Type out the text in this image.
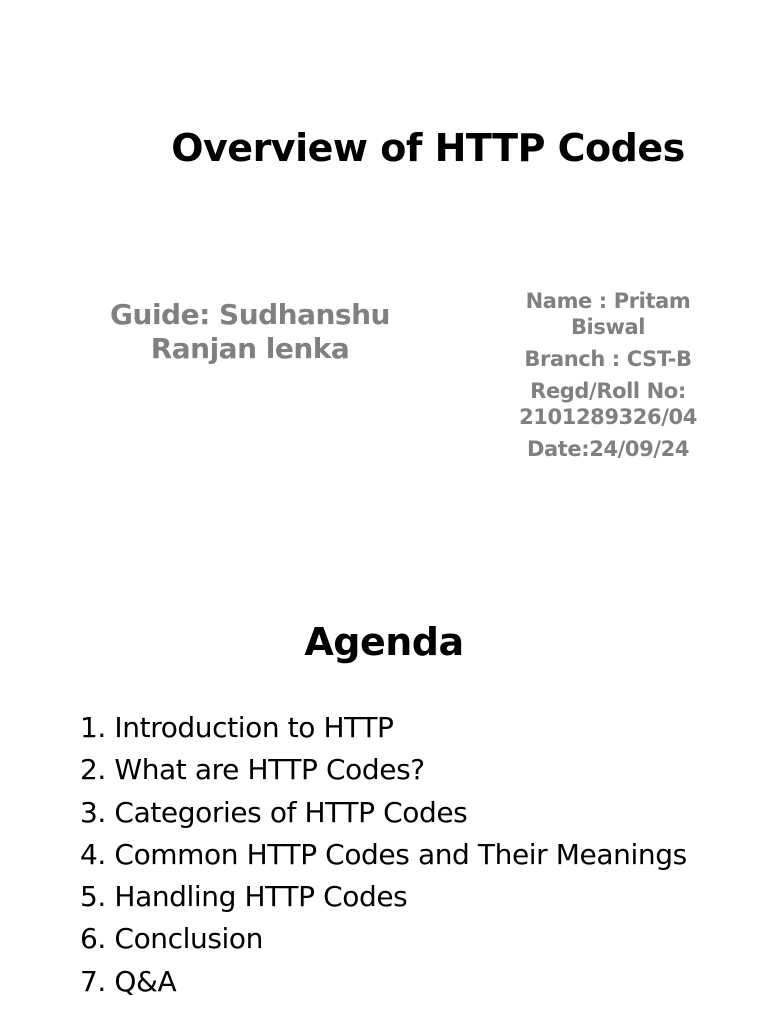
Overview of HTTP Codes
Guide: Sudhanshu Ranjan lenka
Name : Pritam Biswal
Branch : CST-B
Regd/Roll No: 2101289326/04
Date:24/09/24
Agenda
1. Introduction to HTTP
2. What are HTTP Codes?
3. Categories of HTTP Codes
4. Common HTTP Codes and Their Meanings
5. Handling HTTP Codes
6. Conclusion
7. Q&A
